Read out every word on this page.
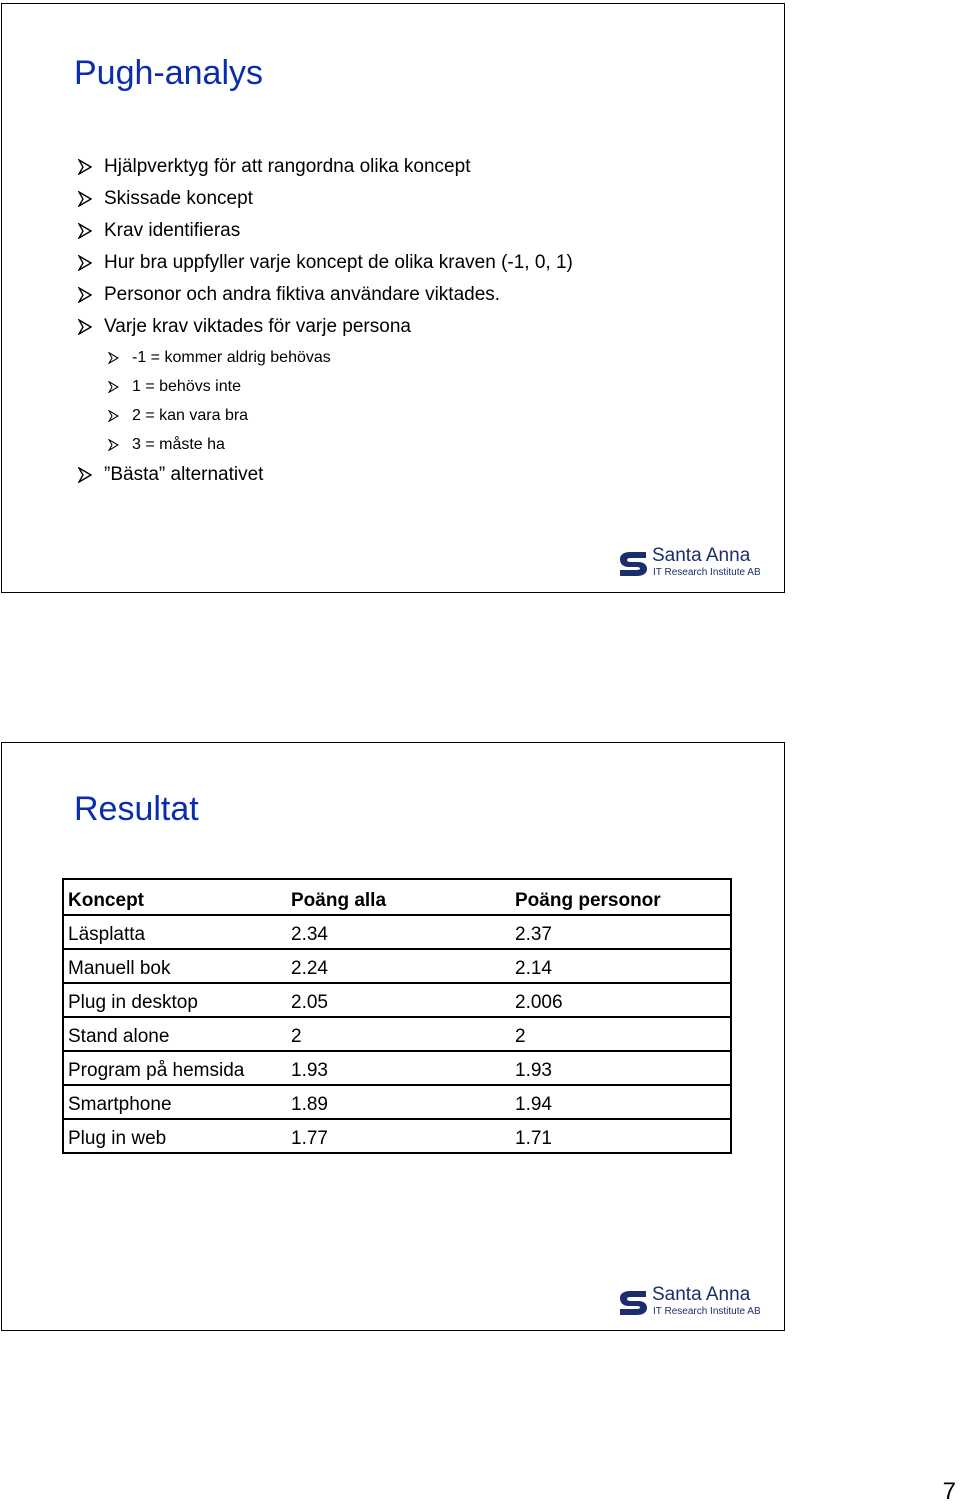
Pugh-analys
Hjälpverktyg för att rangordna olika koncept
Skissade koncept
Krav identifieras
Hur bra uppfyller varje koncept de olika kraven (-1, 0, 1)
Personor och andra fiktiva användare viktades.
Varje krav viktades för varje persona
-1 = kommer aldrig behövas
1 = behövs inte
2 = kan vara bra
3 = måste ha
”Bästa” alternativet
Santa Anna
IT Research Institute AB
Resultat
Koncept	Poäng alla	Poäng personor
Läsplatta	2.34	2.37
Manuell bok	2.24	2.14
Plug in desktop	2.05	2.006
Stand alone	2	2
Program på hemsida	1.93	1.93
Smartphone	1.89	1.94
Plug in web	1.77	1.71
Santa Anna
IT Research Institute AB
7
